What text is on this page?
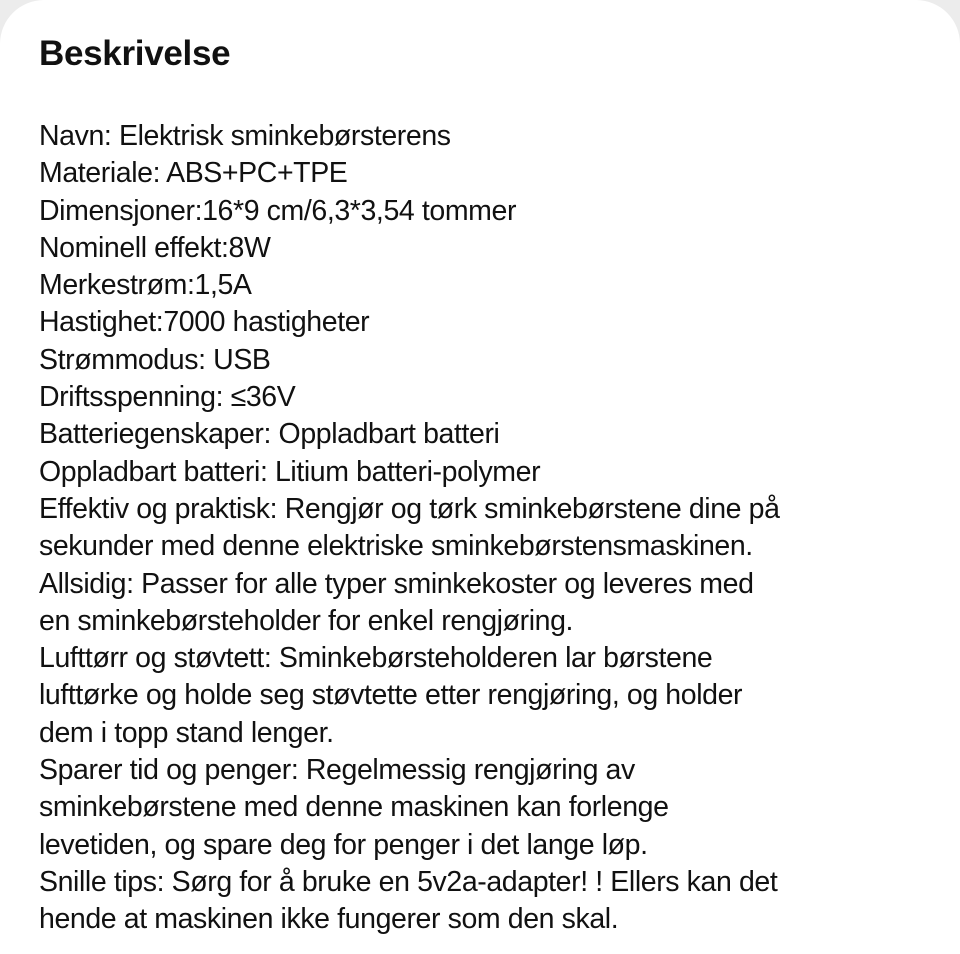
Beskrivelse
Navn: Elektrisk sminkebørsterens
Materiale: ABS+PC+TPE
Dimensjoner:16*9 cm/6,3*3,54 tommer
Nominell effekt:8W
Merkestrøm:1,5A
Hastighet:7000 hastigheter
Strømmodus: USB
Driftsspenning: ≤36V
Batteriegenskaper: Oppladbart batteri
Oppladbart batteri: Litium batteri-polymer
Effektiv og praktisk: Rengjør og tørk sminkebørstene dine på
sekunder med denne elektriske sminkebørstensmaskinen.
Allsidig: Passer for alle typer sminkekoster og leveres med
en sminkebørsteholder for enkel rengjøring.
Lufttørr og støvtett: Sminkebørsteholderen lar børstene
lufttørke og holde seg støvtette etter rengjøring, og holder
dem i topp stand lenger.
Sparer tid og penger: Regelmessig rengjøring av
sminkebørstene med denne maskinen kan forlenge
levetiden, og spare deg for penger i det lange løp.
Snille tips: Sørg for å bruke en 5v2a-adapter! ! Ellers kan det
hende at maskinen ikke fungerer som den skal.
